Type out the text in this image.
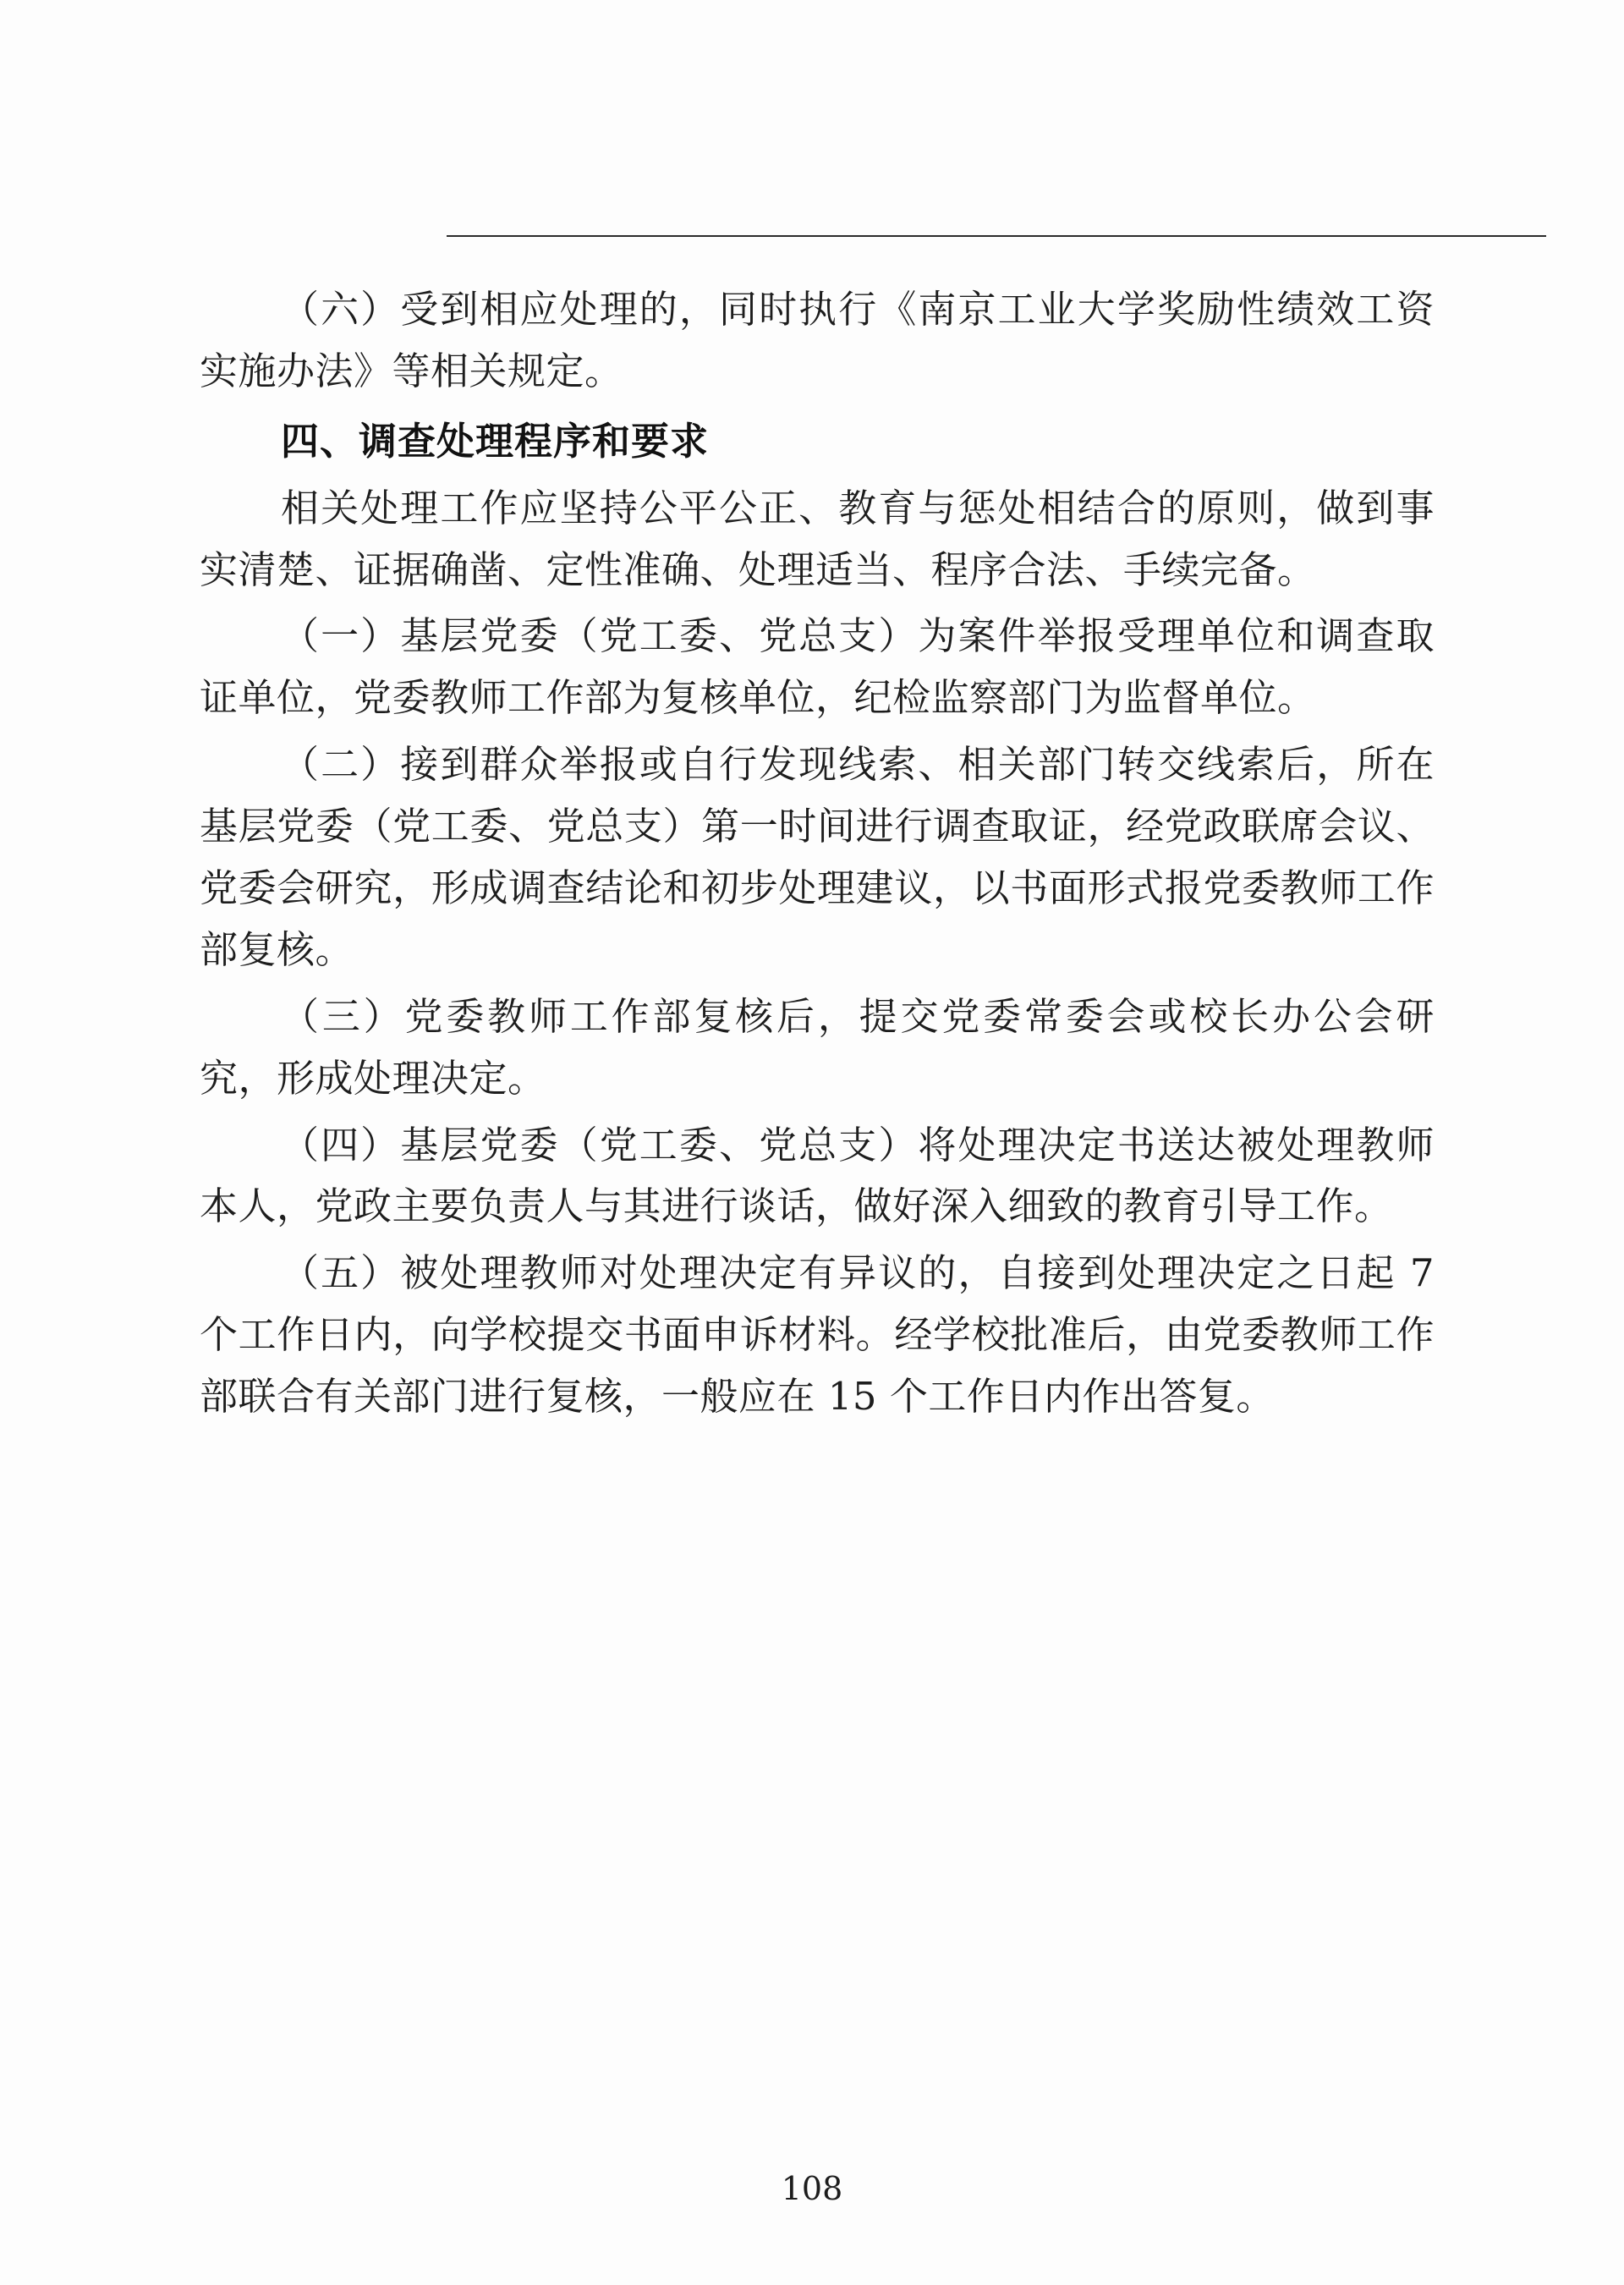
（六）受到相应处理的，同时执行《南京工业大学奖励性绩效工资实施办法》等相关规定。

四、调查处理程序和要求

相关处理工作应坚持公平公正、教育与惩处相结合的原则，做到事实清楚、证据确凿、定性准确、处理适当、程序合法、手续完备。

（一）基层党委（党工委、党总支）为案件举报受理单位和调查取证单位，党委教师工作部为复核单位，纪检监察部门为监督单位。

（二）接到群众举报或自行发现线索、相关部门转交线索后，所在基层党委（党工委、党总支）第一时间进行调查取证，经党政联席会议、党委会研究，形成调查结论和初步处理建议，以书面形式报党委教师工作部复核。

（三）党委教师工作部复核后，提交党委常委会或校长办公会研究，形成处理决定。

（四）基层党委（党工委、党总支）将处理决定书送达被处理教师本人，党政主要负责人与其进行谈话，做好深入细致的教育引导工作。

（五）被处理教师对处理决定有异议的，自接到处理决定之日起 7 个工作日内，向学校提交书面申诉材料。经学校批准后，由党委教师工作部联合有关部门进行复核，一般应在 15 个工作日内作出答复。

108
